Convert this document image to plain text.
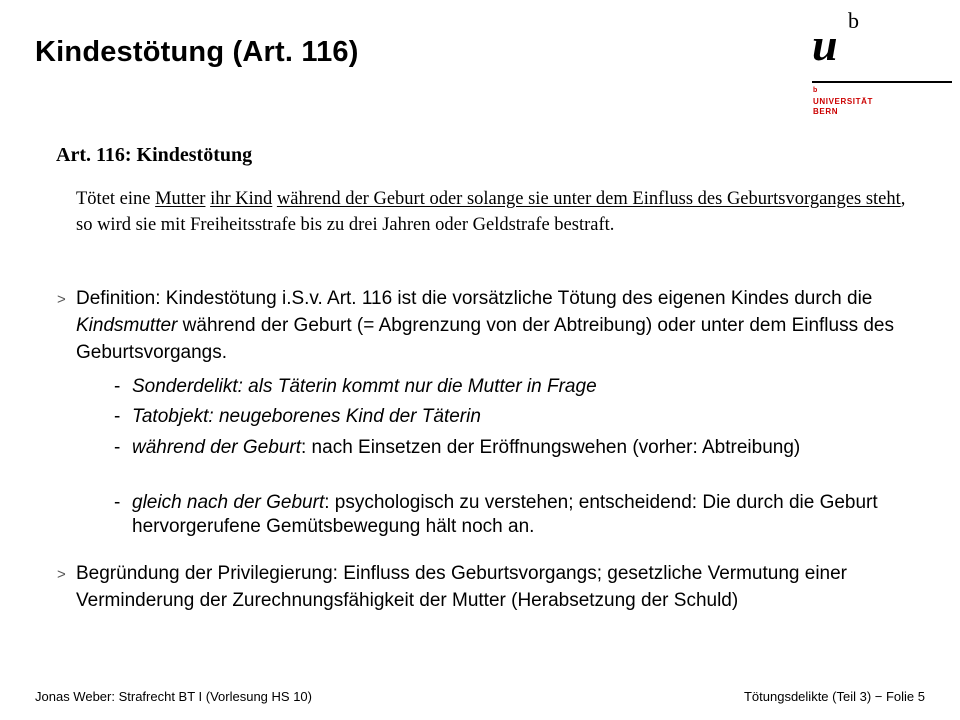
Kindestötung (Art. 116)	u b
b
UNIVERSITÄT
BERN
Art. 116: Kindestötung
Tötet eine Mutter ihr Kind während der Geburt oder solange sie unter dem Einfluss des Geburtsvorganges steht, so wird sie mit Freiheitsstrafe bis zu drei Jahren oder Geldstrafe bestraft.
> Definition: Kindestötung i.S.v. Art. 116 ist die vorsätzliche Tötung des eigenen Kindes durch die Kindsmutter während der Geburt (= Abgrenzung von der Abtreibung) oder unter dem Einfluss des Geburtsvorgangs.
- Sonderdelikt: als Täterin kommt nur die Mutter in Frage
- Tatobjekt: neugeborenes Kind der Täterin
- während der Geburt: nach Einsetzen der Eröffnungswehen (vorher: Abtreibung)
- gleich nach der Geburt: psychologisch zu verstehen; entscheidend: Die durch die Geburt hervorgerufene Gemütsbewegung hält noch an.
> Begründung der Privilegierung: Einfluss des Geburtsvorgangs; gesetzliche Vermutung einer Verminderung der Zurechnungsfähigkeit der Mutter (Herabsetzung der Schuld)
Jonas Weber: Strafrecht BT I (Vorlesung HS 10)	Tötungsdelikte (Teil 3) − Folie 5
